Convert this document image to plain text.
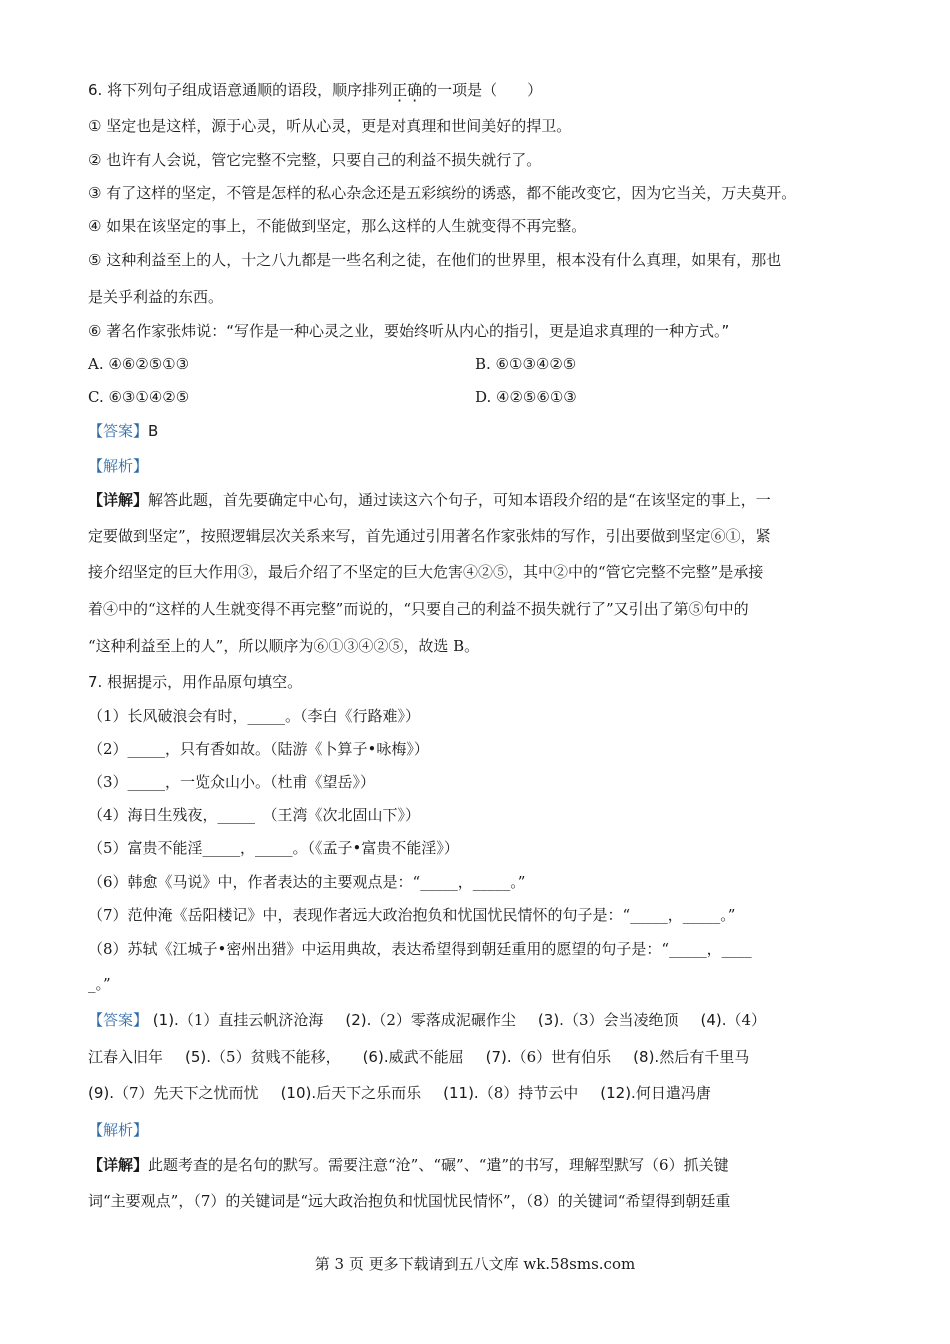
6. 将下列句子组成语意通顺的语段，顺序排列正确的一项是（　　）
① 坚定也是这样，源于心灵，听从心灵，更是对真理和世间美好的捍卫。
② 也许有人会说，管它完整不完整，只要自己的利益不损失就行了。
③ 有了这样的坚定，不管是怎样的私心杂念还是五彩缤纷的诱惑，都不能改变它，因为它当关，万夫莫开。
④ 如果在该坚定的事上，不能做到坚定，那么这样的人生就变得不再完整。
⑤ 这种利益至上的人，十之八九都是一些名利之徒，在他们的世界里，根本没有什么真理，如果有，那也
是关乎利益的东西。
⑥ 著名作家张炜说：“写作是一种心灵之业，要始终听从内心的指引，更是追求真理的一种方式。”
A. ④⑥②⑤①③	B. ⑥①③④②⑤
C. ⑥③①④②⑤	D. ④②⑤⑥①③
【答案】B
【解析】
【详解】解答此题，首先要确定中心句，通过读这六个句子，可知本语段介绍的是“在该坚定的事上，一
定要做到坚定”，按照逻辑层次关系来写，首先通过引用著名作家张炜的写作，引出要做到坚定⑥①，紧
接介绍坚定的巨大作用③，最后介绍了不坚定的巨大危害④②⑤，其中②中的“管它完整不完整”是承接
着④中的“这样的人生就变得不再完整”而说的，“只要自己的利益不损失就行了”又引出了第⑤句中的
“这种利益至上的人”，所以顺序为⑥①③④②⑤，故选 B。
7. 根据提示，用作品原句填空。
（1）长风破浪会有时，_____。（李白《行路难》）
（2）_____，只有香如故。（陆游《卜算子•咏梅》）
（3）_____，一览众山小。（杜甫《望岳》）
（4）海日生残夜，_____　（王湾《次北固山下》）
（5）富贵不能淫_____，_____。（《孟子•富贵不能淫》）
（6）韩愈《马说》中，作者表达的主要观点是：“_____，_____。”
（7）范仲淹《岳阳楼记》中，表现作者远大政治抱负和忧国忧民情怀的句子是：“_____，_____。”
（8）苏轼《江城子•密州出猎》中运用典故，表达希望得到朝廷重用的愿望的句子是：“_____，____
_。”
【答案】 (1).（1）直挂云帆济沧海 (2).（2）零落成泥碾作尘 (3).（3）会当凌绝顶 (4).（4）
江春入旧年 (5).（5）贫贱不能移， (6).威武不能屈 (7).（6）世有伯乐 (8).然后有千里马
(9).（7）先天下之忧而忧 (10).后天下之乐而乐 (11).（8）持节云中 (12).何日遣冯唐
【解析】
【详解】此题考查的是名句的默写。需要注意“沧”、“碾”、“遣”的书写，理解型默写（6）抓关键
词“主要观点”，（7）的关键词是“远大政治抱负和忧国忧民情怀”，（8）的关键词“希望得到朝廷重
第 3 页 更多下载请到五八文库 wk.58sms.com
